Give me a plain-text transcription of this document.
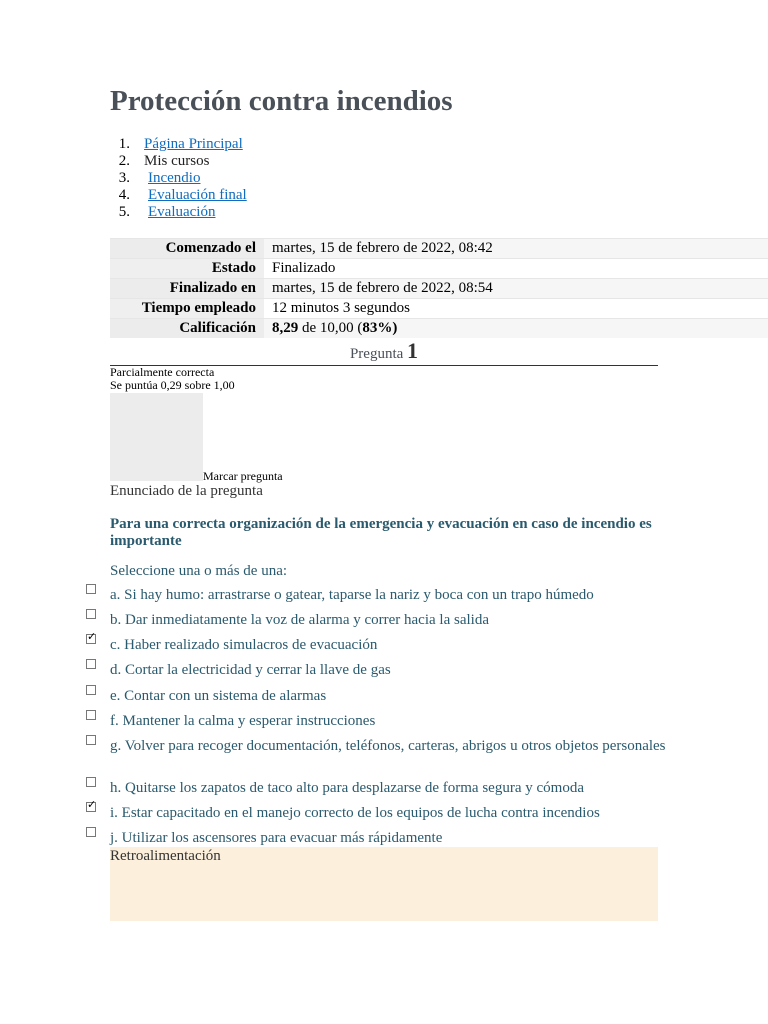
Protección contra incendios
1. Página Principal
2. Mis cursos
3. Incendio
4. Evaluación final
5. Evaluación
Comenzado el	martes, 15 de febrero de 2022, 08:42
Estado	Finalizado
Finalizado en	martes, 15 de febrero de 2022, 08:54
Tiempo empleado	12 minutos 3 segundos
Calificación	8,29 de 10,00 (83%)
Pregunta 1
Parcialmente correcta
Se puntúa 0,29 sobre 1,00
Marcar pregunta
Enunciado de la pregunta
Para una correcta organización de la emergencia y evacuación en caso de incendio es importante
Seleccione una o más de una:
a. Si hay humo: arrastrarse o gatear, taparse la nariz y boca con un trapo húmedo
b. Dar inmediatamente la voz de alarma y correr hacia la salida
✓
c. Haber realizado simulacros de evacuación
d. Cortar la electricidad y cerrar la llave de gas
e. Contar con un sistema de alarmas
f. Mantener la calma y esperar instrucciones
g. Volver para recoger documentación, teléfonos, carteras, abrigos u otros objetos personales
h. Quitarse los zapatos de taco alto para desplazarse de forma segura y cómoda
✓
i. Estar capacitado en el manejo correcto de los equipos de lucha contra incendios
j. Utilizar los ascensores para evacuar más rápidamente
Retroalimentación
